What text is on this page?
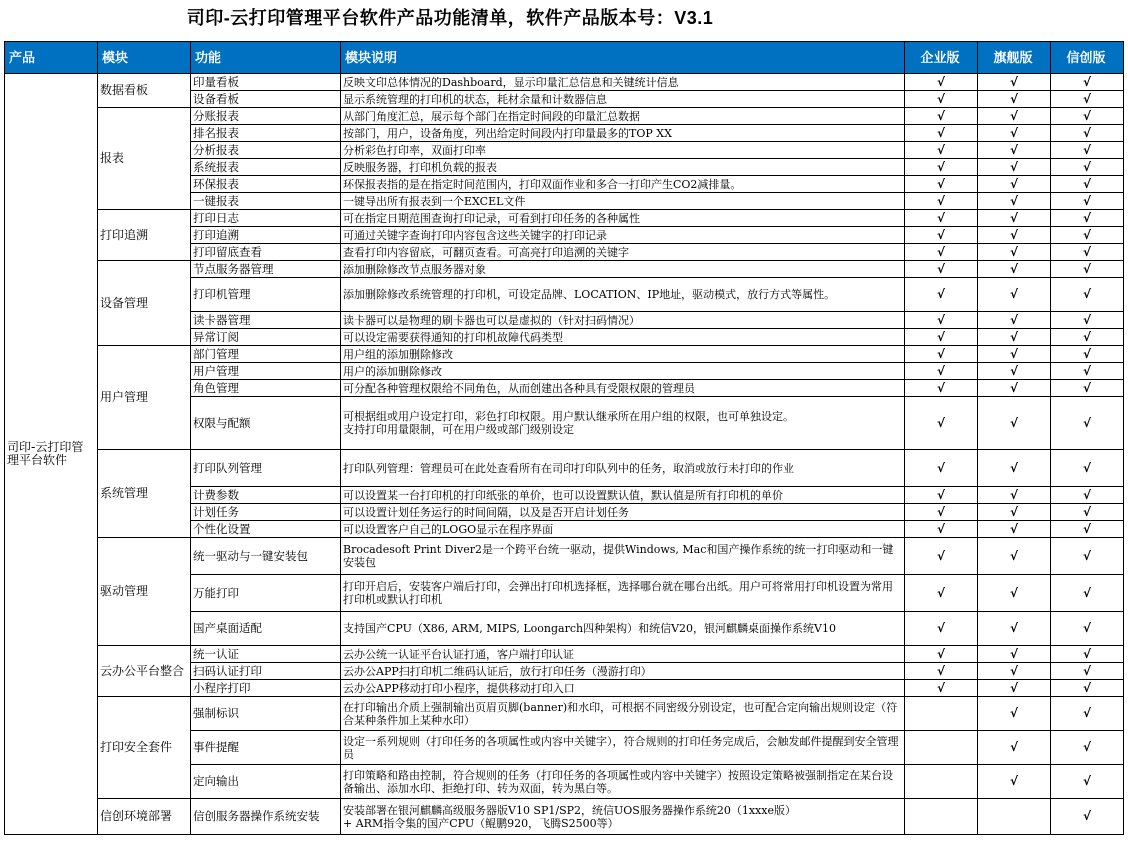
司印-云打印管理平台软件产品功能清单，软件产品版本号：V3.1
产品	模块	功能	模块说明	企业版	旗舰版	信创版
司印-云打印管理平台软件	数据看板	印量看板	反映文印总体情况的Dashboard，显示印量汇总信息和关键统计信息	√	√	√
		设备看板	显示系统管理的打印机的状态，耗材余量和计数器信息	√	√	√
	报表	分账报表	从部门角度汇总，展示每个部门在指定时间段的印量汇总数据	√	√	√
		排名报表	按部门，用户，设备角度，列出给定时间段内打印量最多的TOP XX	√	√	√
		分析报表	分析彩色打印率，双面打印率	√	√	√
		系统报表	反映服务器，打印机负载的报表	√	√	√
		环保报表	环保报表指的是在指定时间范围内，打印双面作业和多合一打印产生CO2减排量。	√	√	√
		一键报表	一键导出所有报表到一个EXCEL文件	√	√	√
	打印追溯	打印日志	可在指定日期范围查询打印记录，可看到打印任务的各种属性	√	√	√
		打印追溯	可通过关键字查询打印内容包含这些关键字的打印记录	√	√	√
		打印留底查看	查看打印内容留底，可翻页查看。可高亮打印追溯的关键字	√	√	√
	设备管理	节点服务器管理	添加删除修改节点服务器对象	√	√	√
		打印机管理	添加删除修改系统管理的打印机，可设定品牌、LOCATION、IP地址，驱动模式，放行方式等属性。	√	√	√
		读卡器管理	读卡器可以是物理的刷卡器也可以是虚拟的（针对扫码情况）	√	√	√
		异常订阅	可以设定需要获得通知的打印机故障代码类型	√	√	√
	用户管理	部门管理	用户组的添加删除修改	√	√	√
		用户管理	用户的添加删除修改	√	√	√
		角色管理	可分配各种管理权限给不同角色，从而创建出各种具有受限权限的管理员	√	√	√
		权限与配额	可根据组或用户设定打印，彩色打印权限。用户默认继承所在用户组的权限，也可单独设定。
支持打印用量限制，可在用户级或部门级别设定	√	√	√
	系统管理	打印队列管理	打印队列管理：管理员可在此处查看所有在司印打印队列中的任务，取消或放行未打印的作业	√	√	√
		计费参数	可以设置某一台打印机的打印纸张的单价，也可以设置默认值，默认值是所有打印机的单价	√	√	√
		计划任务	可以设置计划任务运行的时间间隔，以及是否开启计划任务	√	√	√
		个性化设置	可以设置客户自己的LOGO显示在程序界面	√	√	√
	驱动管理	统一驱动与一键安装包	Brocadesoft Print Diver2是一个跨平台统一驱动，提供Windows, Mac和国产操作系统的统一打印驱动和一键安装包	√	√	√
		万能打印	打印开启后，安装客户端后打印，会弹出打印机选择框，选择哪台就在哪台出纸。用户可将常用打印机设置为常用打印机或默认打印机	√	√	√
		国产桌面适配	支持国产CPU（X86, ARM, MIPS, Loongarch四种架构）和统信V20，银河麒麟桌面操作系统V10	√	√	√
	云办公平台整合	统一认证	云办公统一认证平台认证打通，客户端打印认证	√	√	√
		扫码认证打印	云办公APP扫打印机二维码认证后，放行打印任务（漫游打印）	√	√	√
		小程序打印	云办公APP移动打印小程序，提供移动打印入口	√	√	√
	打印安全套件	强制标识	在打印输出介质上强制输出页眉页脚(banner)和水印，可根据不同密级分别设定，也可配合定向输出规则设定（符合某种条件加上某种水印）		√	√
		事件提醒	设定一系列规则（打印任务的各项属性或内容中关键字），符合规则的打印任务完成后，会触发邮件提醒到安全管理员		√	√
		定向输出	打印策略和路由控制，符合规则的任务（打印任务的各项属性或内容中关键字）按照设定策略被强制指定在某台设备输出、添加水印、拒绝打印、转为双面，转为黑白等。		√	√
	信创环境部署	信创服务器操作系统安装	安装部署在银河麒麟高级服务器版V10 SP1/SP2，统信UOS服务器操作系统20（1xxxe版）
+ ARM指令集的国产CPU（鲲鹏920，飞腾S2500等）			√
